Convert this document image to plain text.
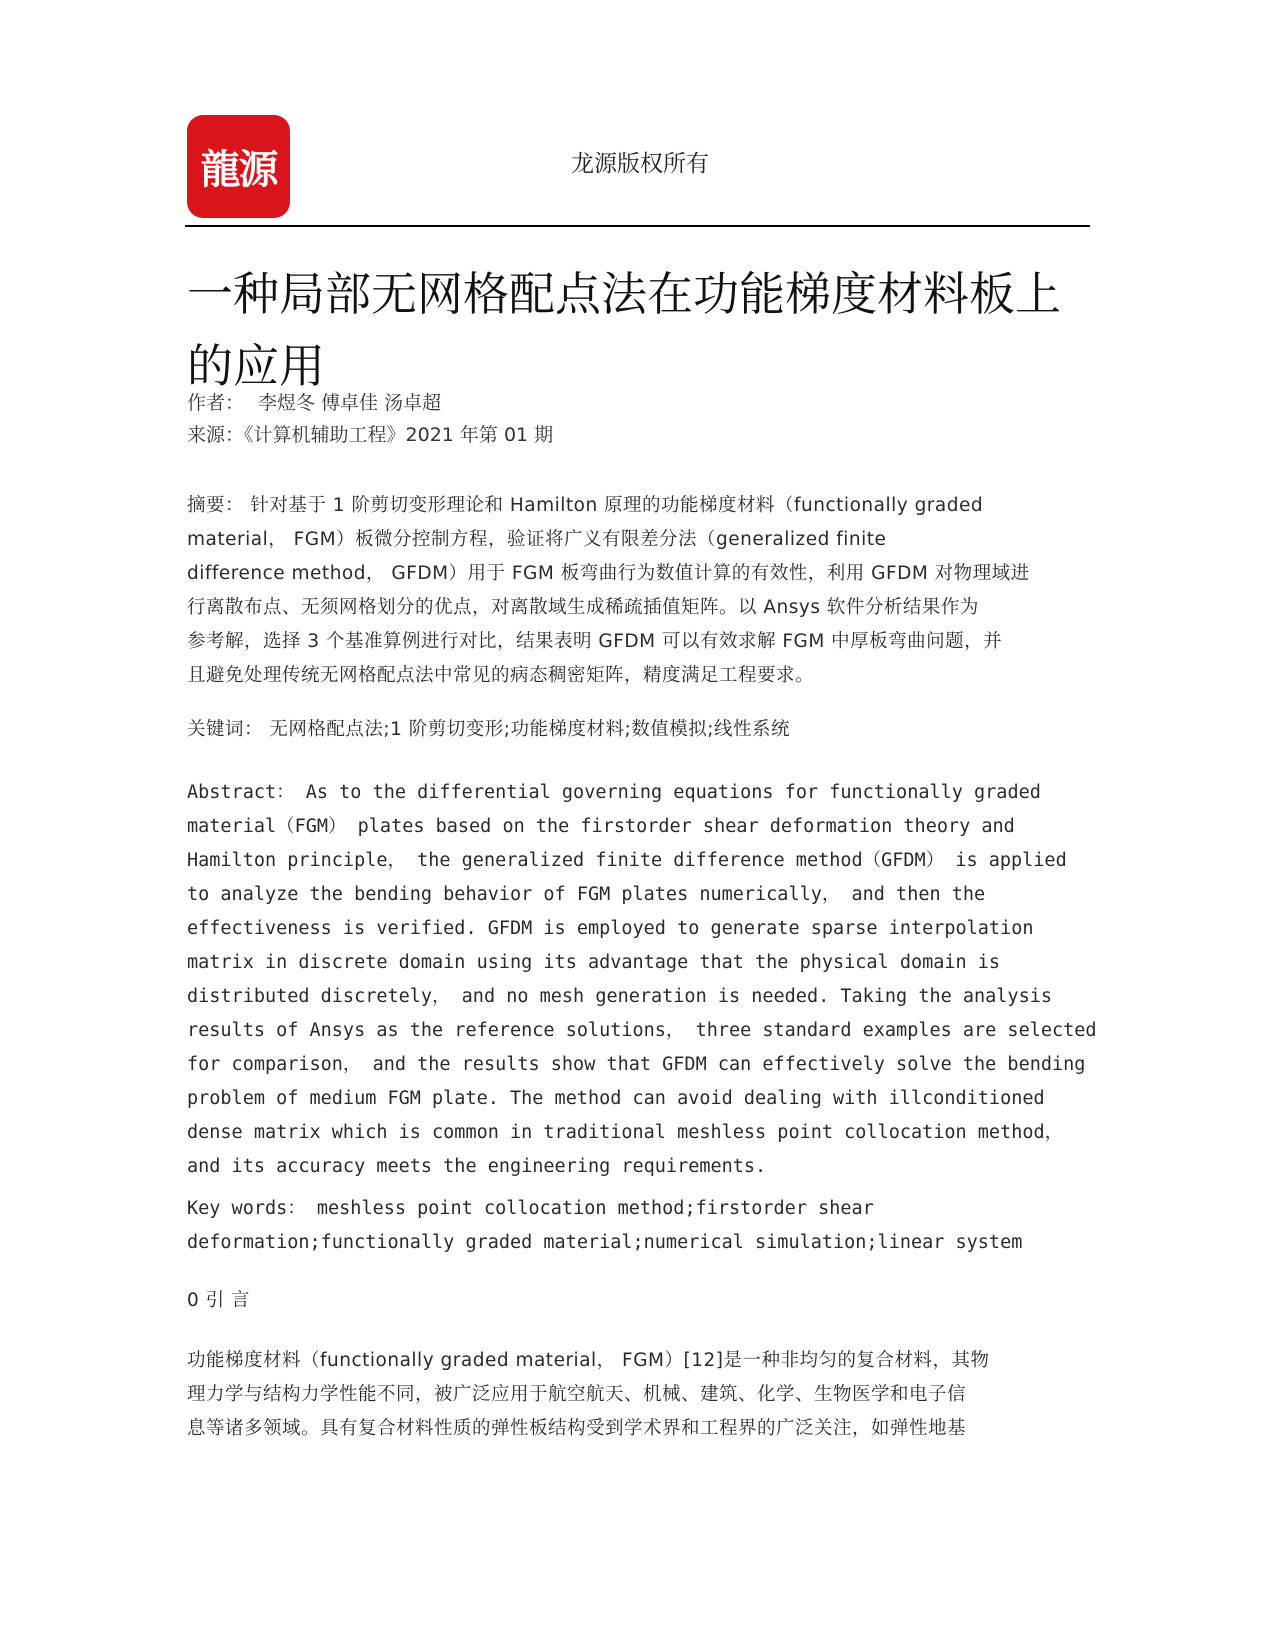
龍源	龙源版权所有
一种局部无网格配点法在功能梯度材料板上
的应用
作者： 李煜冬 傅卓佳 汤卓超
来源：《计算机辅助工程》2021 年第 01 期
摘要： 针对基于 1 阶剪切变形理论和 Hamilton 原理的功能梯度材料（functionally graded
material， FGM）板微分控制方程，验证将广义有限差分法（generalized finite
difference method， GFDM）用于 FGM 板弯曲行为数值计算的有效性，利用 GFDM 对物理域进
行离散布点、无须网格划分的优点，对离散域生成稀疏插值矩阵。以 Ansys 软件分析结果作为
参考解，选择 3 个基准算例进行对比，结果表明 GFDM 可以有效求解 FGM 中厚板弯曲问题，并
且避免处理传统无网格配点法中常见的病态稠密矩阵，精度满足工程要求。
关键词： 无网格配点法;1 阶剪切变形;功能梯度材料;数值模拟;线性系统
Abstract： As to the differential governing equations for functionally graded
material（FGM） plates based on the firstorder shear deformation theory and
Hamilton principle， the generalized finite difference method（GFDM） is applied
to analyze the bending behavior of FGM plates numerically， and then the
effectiveness is verified. GFDM is employed to generate sparse interpolation
matrix in discrete domain using its advantage that the physical domain is
distributed discretely， and no mesh generation is needed. Taking the analysis
results of Ansys as the reference solutions， three standard examples are selected
for comparison， and the results show that GFDM can effectively solve the bending
problem of medium FGM plate. The method can avoid dealing with illconditioned
dense matrix which is common in traditional meshless point collocation method，
and its accuracy meets the engineering requirements.
Key words： meshless point collocation method;firstorder shear
deformation;functionally graded material;numerical simulation;linear system
0 引 言
功能梯度材料（functionally graded material， FGM）[12]是一种非均匀的复合材料，其物
理力学与结构力学性能不同，被广泛应用于航空航天、机械、建筑、化学、生物医学和电子信
息等诸多领域。具有复合材料性质的弹性板结构受到学术界和工程界的广泛关注，如弹性地基
